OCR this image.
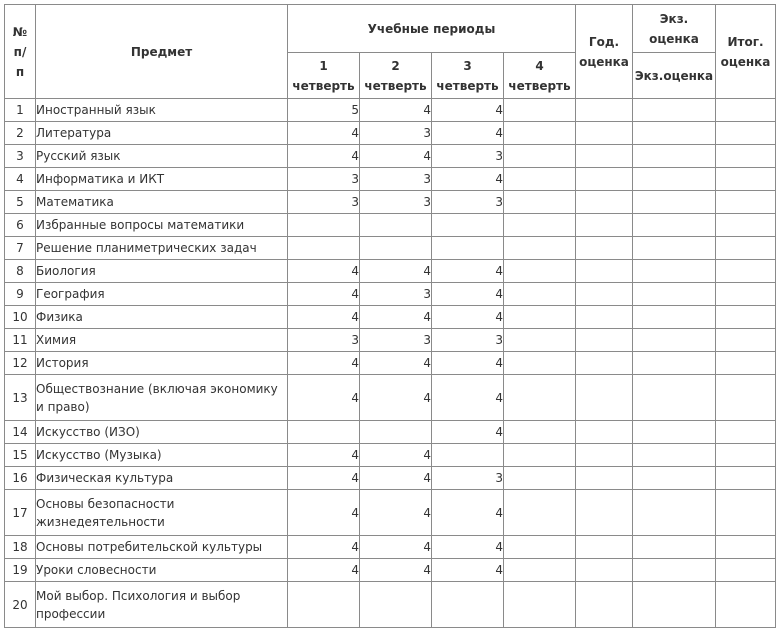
№ п/ п	Предмет	Учебные периоды				Год. оценка	Экз. оценка	Итог. оценка
		1 четверть	2 четверть	3 четверть	4 четверть		Экз.оценка	
1	Иностранный язык	5	4	4				
2	Литература	4	3	4				
3	Русский язык	4	4	3				
4	Информатика и ИКТ	3	3	4				
5	Математика	3	3	3				
6	Избранные вопросы математики							
7	Решение планиметрических задач							
8	Биология	4	4	4				
9	География	4	3	4				
10	Физика	4	4	4				
11	Химия	3	3	3				
12	История	4	4	4				
13	Обществознание (включая экономику и право)	4	4	4				
14	Искусство (ИЗО)			4				
15	Искусство (Музыка)	4	4					
16	Физическая культура	4	4	3				
17	Основы безопасности жизнедеятельности	4	4	4				
18	Основы потребительской культуры	4	4	4				
19	Уроки словесности	4	4	4				
20	Мой выбор. Психология и выбор профессии							
